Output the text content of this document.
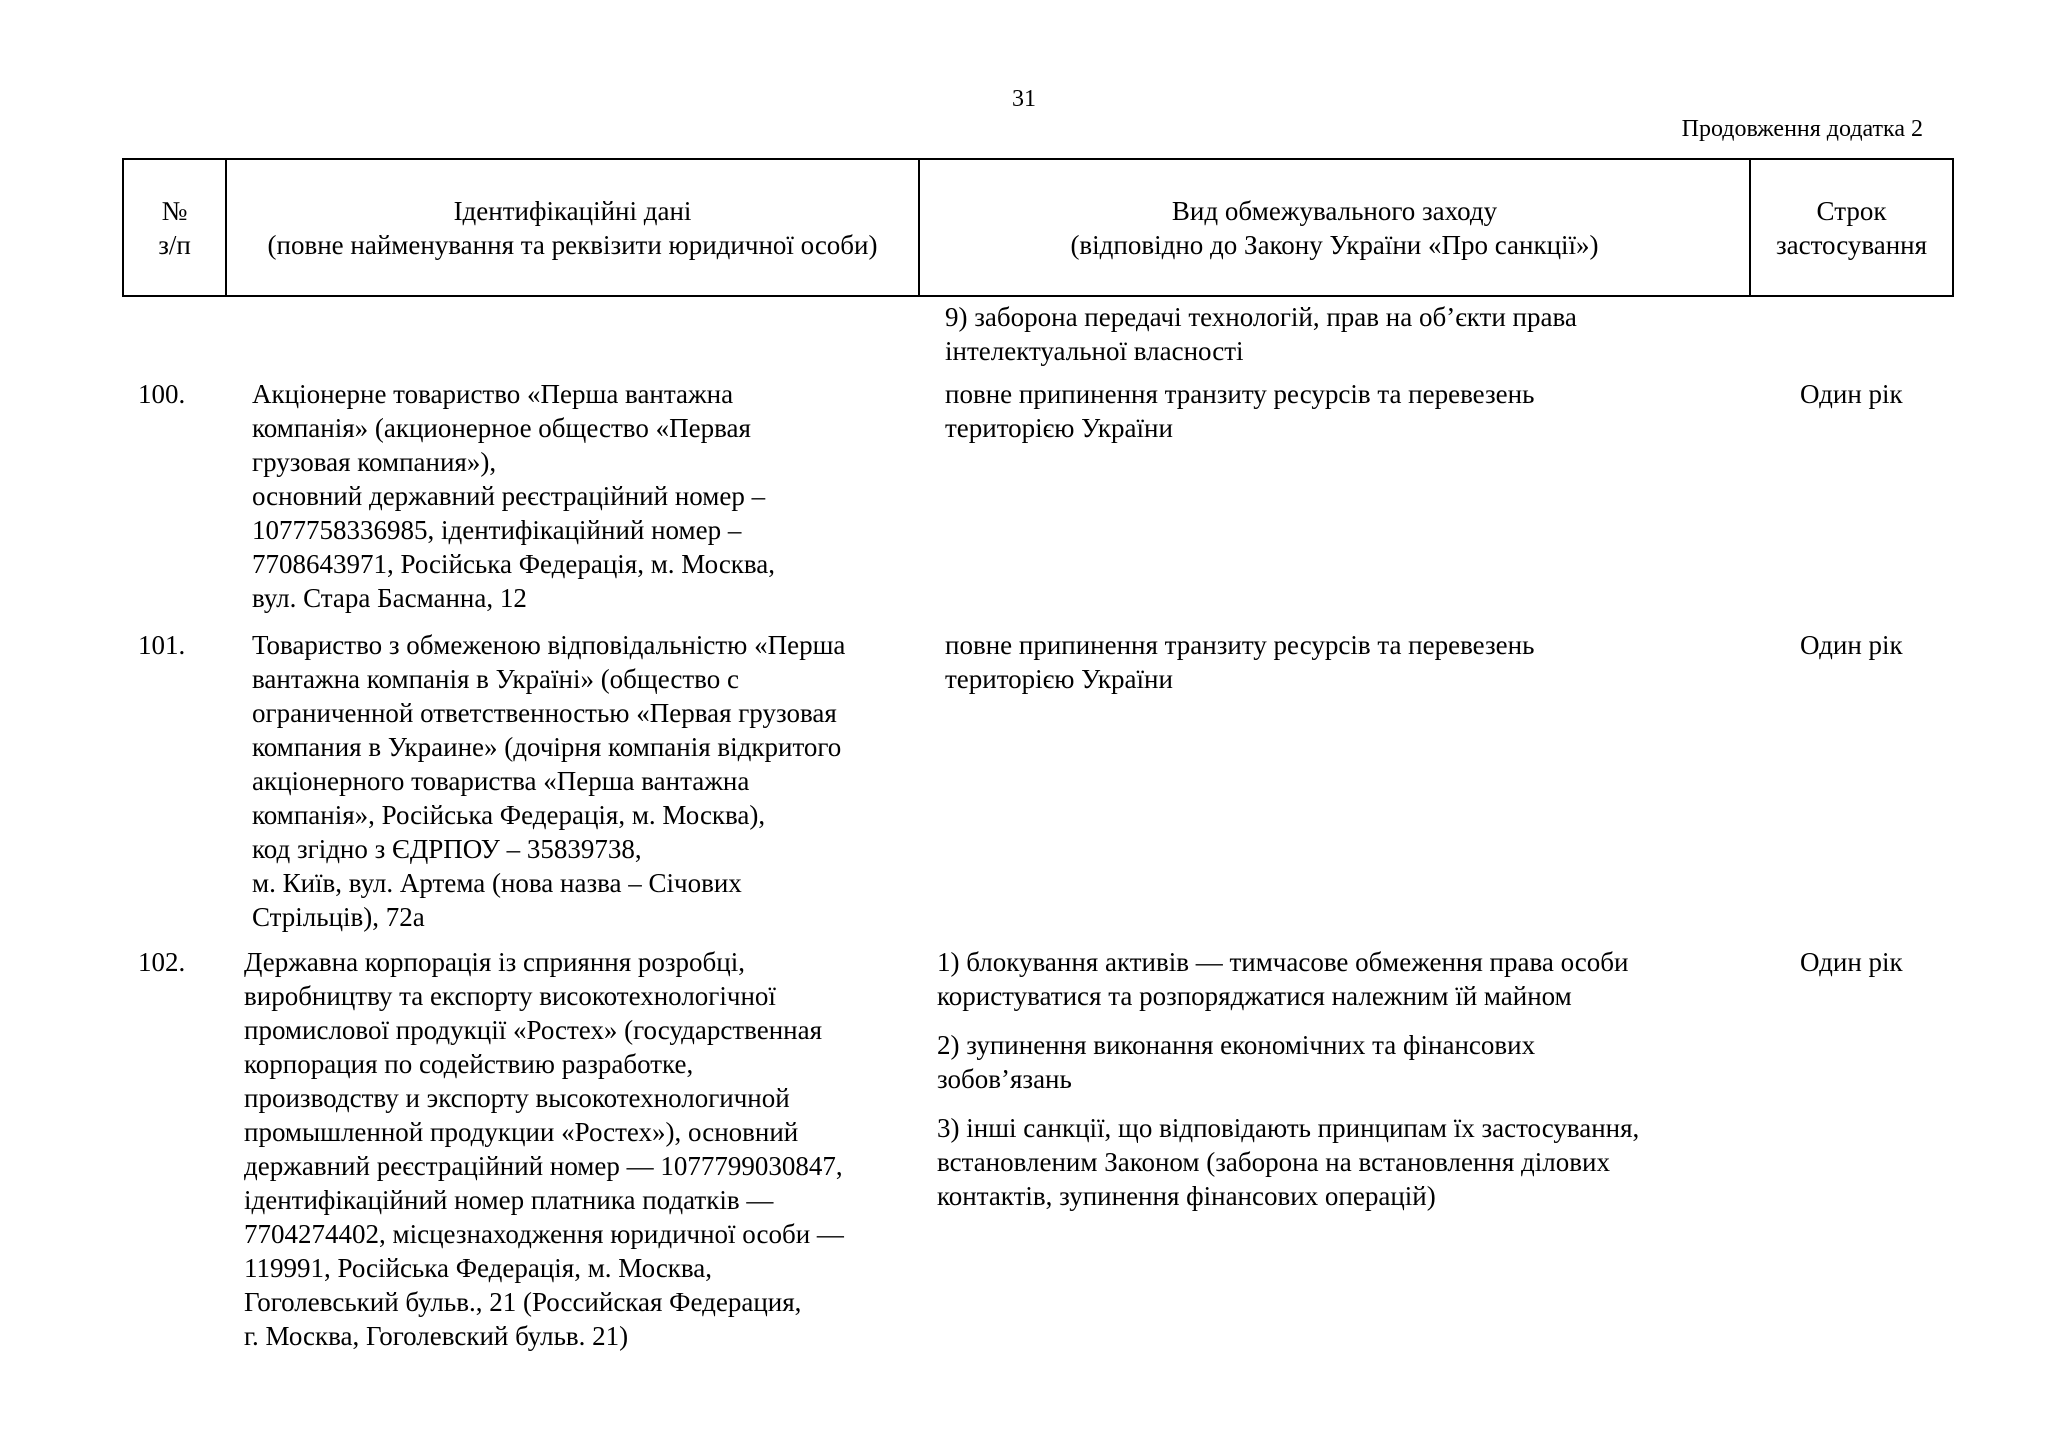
31
Продовження додатка 2
№
з/п
Ідентифікаційні дані
(повне найменування та реквізити юридичної особи)
Вид обмежувального заходу
(відповідно до Закону України «Про санкції»)
Строк
застосування
9) заборона передачі технологій, прав на об’єкти права
інтелектуальної власності
100. Акціонерне товариство «Перша вантажна
компанія» (акционерное общество «Первая
грузовая компания»),
основний державний реєстраційний номер –
1077758336985, ідентифікаційний номер –
7708643971, Російська Федерація, м. Москва,
вул. Стара Басманна, 12
повне припинення транзиту ресурсів та перевезень
територією України
Один рік
101. Товариство з обмеженою відповідальністю «Перша
вантажна компанія в Україні» (общество с
ограниченной ответственностью «Первая грузовая
компания в Украине» (дочірня компанія відкритого
акціонерного товариства «Перша вантажна
компанія», Російська Федерація, м. Москва),
код згідно з ЄДРПОУ – 35839738,
м. Київ, вул. Артема (нова назва – Січових
Стрільців), 72а
повне припинення транзиту ресурсів та перевезень
територією України
Один рік
102. Державна корпорація із сприяння розробці,
виробництву та експорту високотехнологічної
промислової продукції «Ростех» (государственная
корпорация по содействию разработке,
производству и экспорту высокотехнологичной
промышленной продукции «Ростех»), основний
державний реєстраційний номер — 1077799030847,
ідентифікаційний номер платника податків —
7704274402, місцезнаходження юридичної особи —
119991, Російська Федерація, м. Москва,
Гоголевський бульв., 21 (Российская Федерация,
г. Москва, Гоголевский бульв. 21)
1) блокування активів — тимчасове обмеження права особи
користуватися та розпоряджатися належним їй майном
2) зупинення виконання економічних та фінансових
зобов’язань
3) інші санкції, що відповідають принципам їх застосування,
встановленим Законом (заборона на встановлення ділових
контактів, зупинення фінансових операцій)
Один рік
